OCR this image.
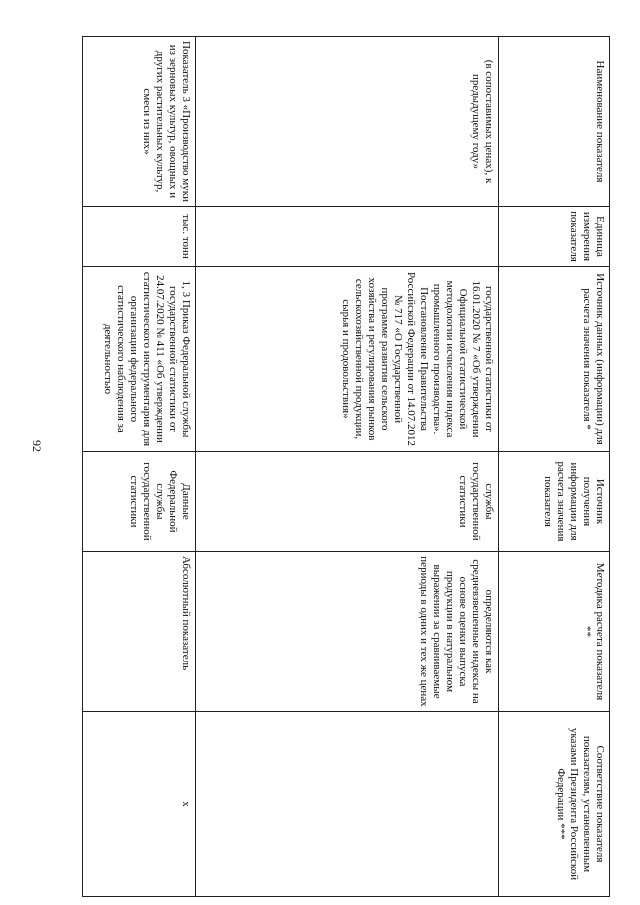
92
Наименование показателя	Единица измерения показателя	Источник данных (информации) для расчета значения показателя *	Источник получения информации для расчета значения показателя	Методика расчета показателя **	Соответствие показателя показателям, установленным указами Президента Российской Федерации ***
(в сопоставимых ценах), к предыдущему году»		государственной статистики от 16.01.2020 № 7 «Об утверждении Официальной статистической методологии исчисления индекса промышленного производства». Постановление Правительства Российской Федерации от 14.07.2012 № 717 «О Государственной программе развития сельского хозяйства и регулирования рынков сельскохозяйственной продукции, сырья и продовольствия»	службы государственной статистики	определяются как средневзвешенные индексы на основе оценки выпуска продукции в натуральном выражении за сравниваемые периоды в одних и тех же ценах	
Показатель 3 «Производство муки из зерновых культур, овощных и других растительных культур, смеси из них»	тыс. тонн	1, 3 Приказ Федеральной службы государственной статистики от 24.07.2020 № 411 «Об утверждении статистического инструментария для организации федерального статистического наблюдения за деятельностью	Данные Федеральной службы государственной статистики	Абсолютный показатель	х
